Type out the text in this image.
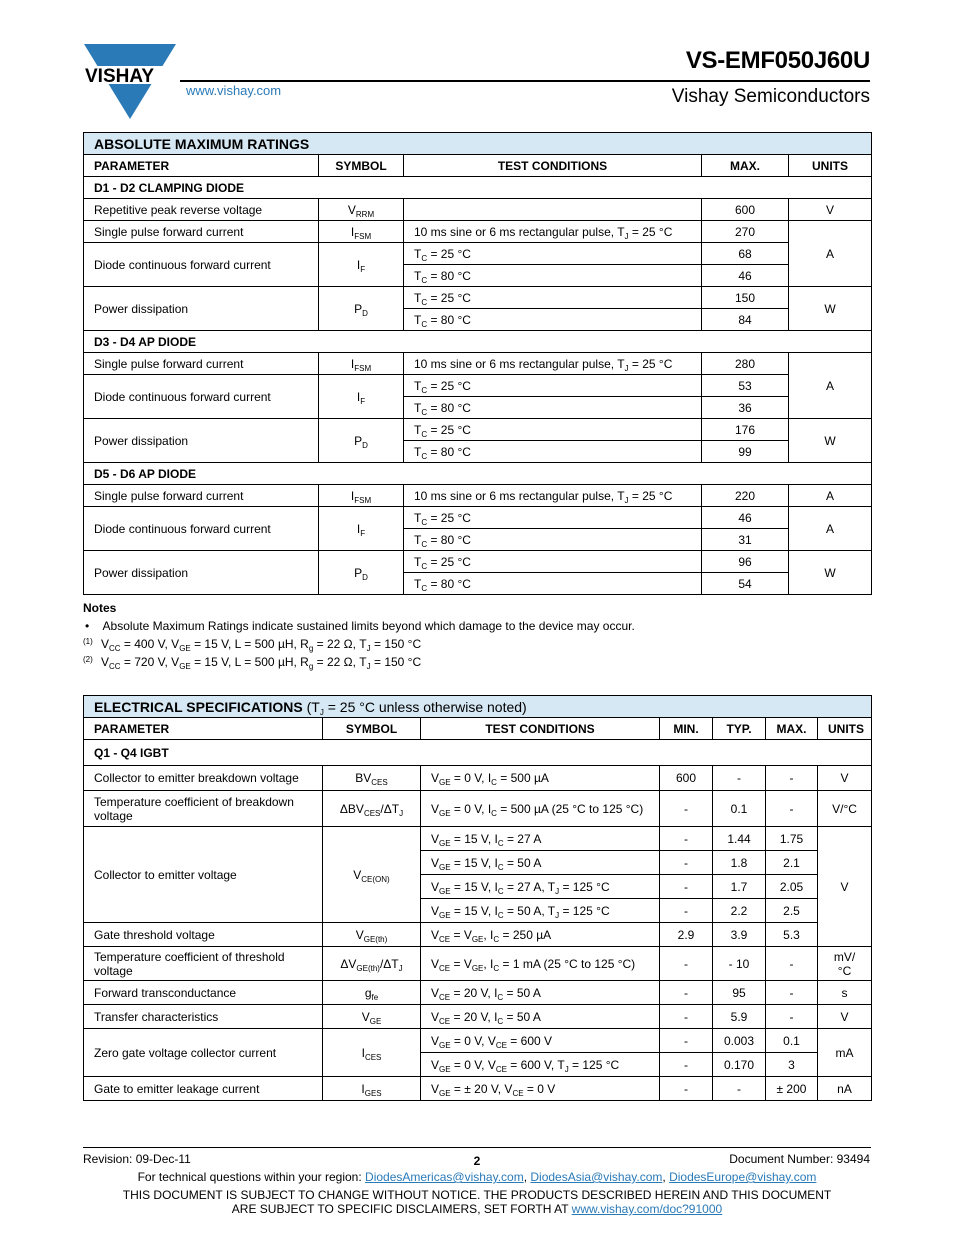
VISHAY
www.vishay.com
VS-EMF050J60U
Vishay Semiconductors
ABSOLUTE MAXIMUM RATINGS				
PARAMETER	SYMBOL	TEST CONDITIONS	MAX.	UNITS
D1 - D2 CLAMPING DIODE				
Repetitive peak reverse voltage	$V_{RRM}$		600	V
Single pulse forward current	$I_{FSM}$	10 ms sine or 6 ms rectangular pulse, $T_J = 25$ °C	270	A
Diode continuous forward current	$I_F$	$T_C = 25$ °C	68	
		$T_C = 80$ °C	46	
Power dissipation	$P_D$	$T_C = 25$ °C	150	W
		$T_C = 80$ °C	84	
D3 - D4 AP DIODE				
Single pulse forward current	$I_{FSM}$	10 ms sine or 6 ms rectangular pulse, $T_J = 25$ °C	280	A
Diode continuous forward current	$I_F$	$T_C = 25$ °C	53	
		$T_C = 80$ °C	36	
Power dissipation	$P_D$	$T_C = 25$ °C	176	W
		$T_C = 80$ °C	99	
D5 - D6 AP DIODE				
Single pulse forward current	$I_{FSM}$	10 ms sine or 6 ms rectangular pulse, $T_J = 25$ °C	220	A
Diode continuous forward current	$I_F$	$T_C = 25$ °C	46	A
		$T_C = 80$ °C	31	
Power dissipation	$P_D$	$T_C = 25$ °C	96	W
		$T_C = 80$ °C	54	
Notes
•    Absolute Maximum Ratings indicate sustained limits beyond which damage to the device may occur.
(1) $V_{CC} = 400$ V, $V_{GE} = 15$ V, L = 500 µH, $R_g = 22$ Ω, $T_J = 150$ °C
(2) $V_{CC} = 720$ V, $V_{GE} = 15$ V, L = 500 µH, $R_g = 22$ Ω, $T_J = 150$ °C
ELECTRICAL SPECIFICATIONS ($T_J = 25$ °C unless otherwise noted)						
PARAMETER	SYMBOL	TEST CONDITIONS	MIN.	TYP.	MAX.	UNITS
Q1 - Q4 IGBT						
Collector to emitter breakdown voltage	$BV_{CES}$	$V_{GE} = 0$ V, $I_C = 500$ µA	600	-	-	V
Temperature coefficient of breakdown voltage	$\Delta BV_{CES}/\Delta T_J$	$V_{GE} = 0$ V, $I_C = 500$ µA (25 °C to 125 °C)	-	0.1	-	V/°C
Collector to emitter voltage	$V_{CE(ON)}$	$V_{GE} = 15$ V, $I_C = 27$ A	-	1.44	1.75	V
		$V_{GE} = 15$ V, $I_C = 50$ A	-	1.8	2.1	
		$V_{GE} = 15$ V, $I_C = 27$ A, $T_J = 125$ °C	-	1.7	2.05	
		$V_{GE} = 15$ V, $I_C = 50$ A, $T_J = 125$ °C	-	2.2	2.5	
Gate threshold voltage	$V_{GE(th)}$	$V_{CE} = V_{GE}$, $I_C = 250$ µA	2.9	3.9	5.3	
Temperature coefficient of threshold voltage	$\Delta V_{GE(th)}/\Delta T_J$	$V_{CE} = V_{GE}$, $I_C = 1$ mA (25 °C to 125 °C)	-	- 10	-	mV/°C
Forward transconductance	$g_{fe}$	$V_{CE} = 20$ V, $I_C = 50$ A	-	95	-	s
Transfer characteristics	$V_{GE}$	$V_{CE} = 20$ V, $I_C = 50$ A	-	5.9	-	V
Zero gate voltage collector current	$I_{CES}$	$V_{GE} = 0$ V, $V_{CE} = 600$ V	-	0.003	0.1	mA
		$V_{GE} = 0$ V, $V_{CE} = 600$ V, $T_J = 125$ °C	-	0.170	3	
Gate to emitter leakage current	$I_{GES}$	$V_{GE}$ = ± 20 V, $V_{CE} = 0$ V	-	-	± 200	nA
Revision: 09-Dec-11	2	Document Number: 93494
For technical questions within your region: DiodesAmericas@vishay.com, DiodesAsia@vishay.com, DiodesEurope@vishay.com
THIS DOCUMENT IS SUBJECT TO CHANGE WITHOUT NOTICE. THE PRODUCTS DESCRIBED HEREIN AND THIS DOCUMENT
ARE SUBJECT TO SPECIFIC DISCLAIMERS, SET FORTH AT www.vishay.com/doc?91000
